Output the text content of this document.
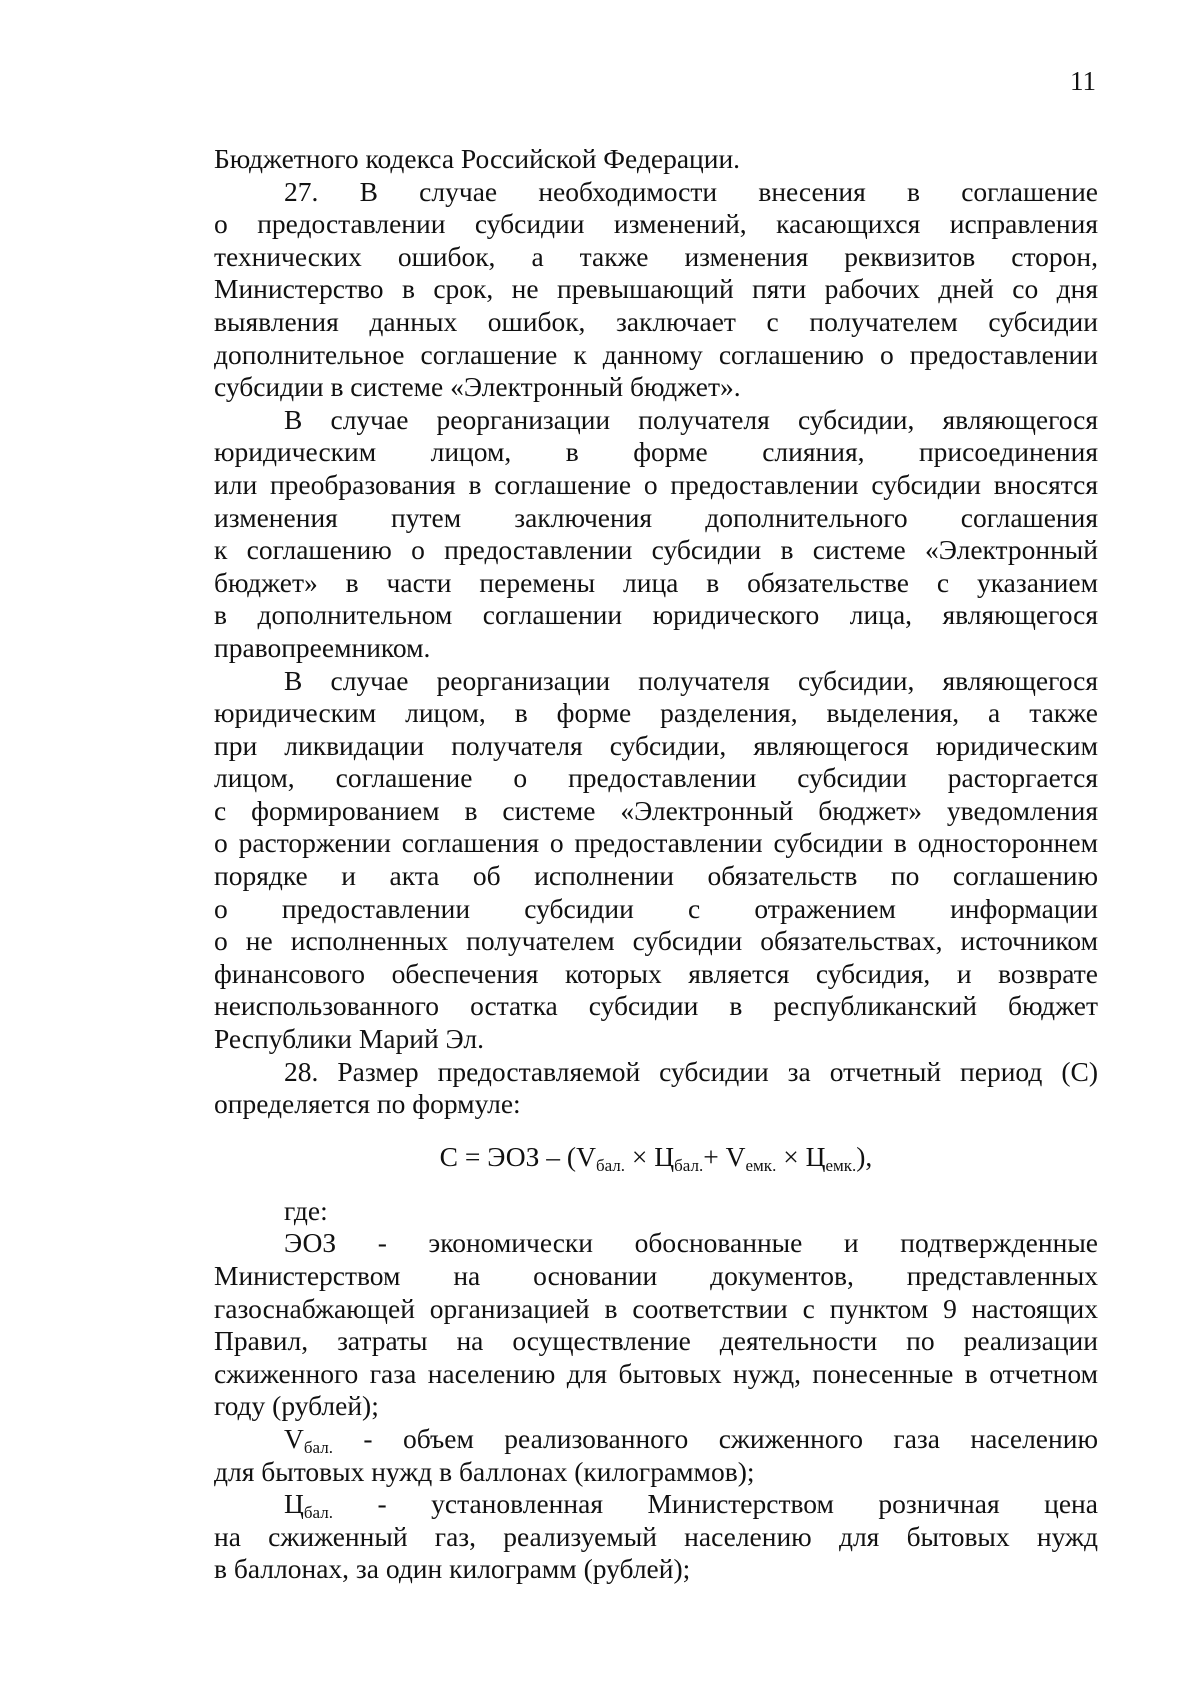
11
Бюджетного кодекса Российской Федерации.
27. В случае необходимости внесения в соглашение
о предоставлении субсидии изменений, касающихся исправления
технических ошибок, а также изменения реквизитов сторон,
Министерство в срок, не превышающий пяти рабочих дней со дня
выявления данных ошибок, заключает с получателем субсидии
дополнительное соглашение к данному соглашению о предоставлении
субсидии в системе «Электронный бюджет».
В случае реорганизации получателя субсидии, являющегося
юридическим лицом, в форме слияния, присоединения
или преобразования в соглашение о предоставлении субсидии вносятся
изменения путем заключения дополнительного соглашения
к соглашению о предоставлении субсидии в системе «Электронный
бюджет» в части перемены лица в обязательстве с указанием
в дополнительном соглашении юридического лица, являющегося
правопреемником.
В случае реорганизации получателя субсидии, являющегося
юридическим лицом, в форме разделения, выделения, а также
при ликвидации получателя субсидии, являющегося юридическим
лицом, соглашение о предоставлении субсидии расторгается
с формированием в системе «Электронный бюджет» уведомления
о расторжении соглашения о предоставлении субсидии в одностороннем
порядке и акта об исполнении обязательств по соглашению
о предоставлении субсидии с отражением информации
о не исполненных получателем субсидии обязательствах, источником
финансового обеспечения которых является субсидия, и возврате
неиспользованного остатка субсидии в республиканский бюджет
Республики Марий Эл.
28. Размер предоставляемой субсидии за отчетный период (С)
определяется по формуле:
С = ЭОЗ – $(V_{бал.} \times Ц_{бал.}+ V_{емк.} \times Ц_{емк.})$,
где:
ЭОЗ - экономически обоснованные и подтвержденные
Министерством на основании документов, представленных
газоснабжающей организацией в соответствии с пунктом 9 настоящих
Правил, затраты на осуществление деятельности по реализации
сжиженного газа населению для бытовых нужд, понесенные в отчетном
году (рублей);
Vбал. - объем реализованного сжиженного газа населению
для бытовых нужд в баллонах (килограммов);
Цбал. - установленная Министерством розничная цена
на сжиженный газ, реализуемый населению для бытовых нужд
в баллонах, за один килограмм (рублей);
